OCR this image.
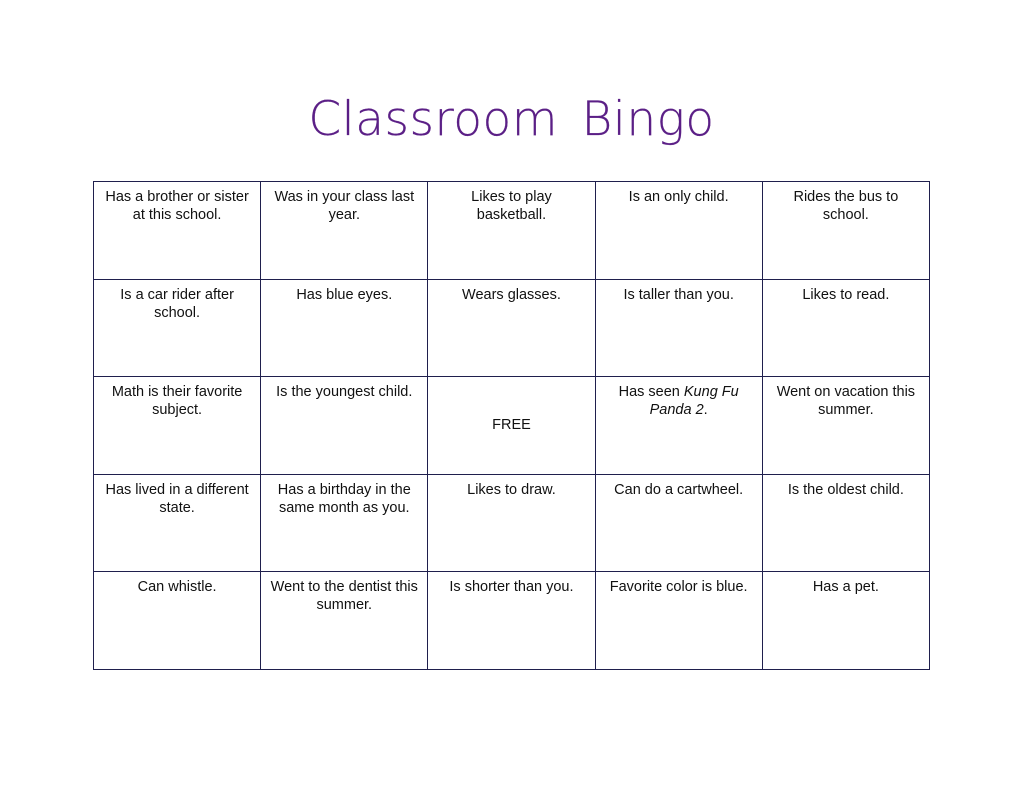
Classroom Bingo
Has a brother or sister at this school.	Was in your class last year.	Likes to play basketball.	Is an only child.	Rides the bus to school.
Is a car rider after school.	Has blue eyes.	Wears glasses.	Is taller than you.	Likes to read.
Math is their favorite subject.	Is the youngest child.	FREE	Has seen Kung Fu Panda 2.	Went on vacation this summer.
Has lived in a different state.	Has a birthday in the same month as you.	Likes to draw.	Can do a cartwheel.	Is the oldest child.
Can whistle.	Went to the dentist this summer.	Is shorter than you.	Favorite color is blue.	Has a pet.
